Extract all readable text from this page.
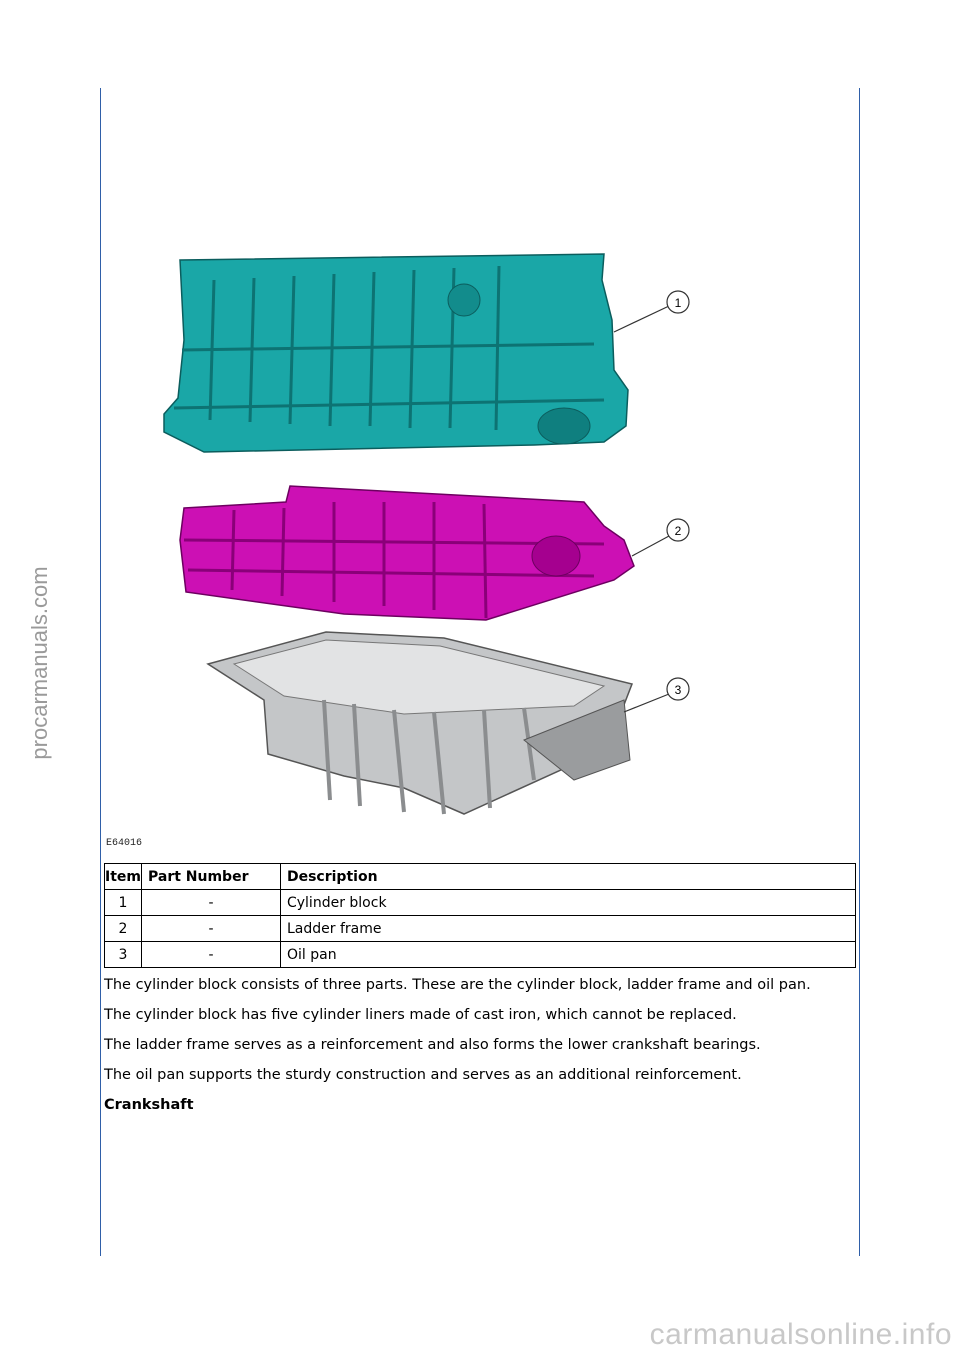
procarmanuals.com
carmanualsonline.info
1
2
3
E64016
Item	Part Number	Description
1	-	Cylinder block
2	-	Ladder frame
3	-	Oil pan

The cylinder block consists of three parts. These are the cylinder block, ladder frame and oil pan.

The cylinder block has five cylinder liners made of cast iron, which cannot be replaced.

The ladder frame serves as a reinforcement and also forms the lower crankshaft bearings.

The oil pan supports the sturdy construction and serves as an additional reinforcement.

Crankshaft
